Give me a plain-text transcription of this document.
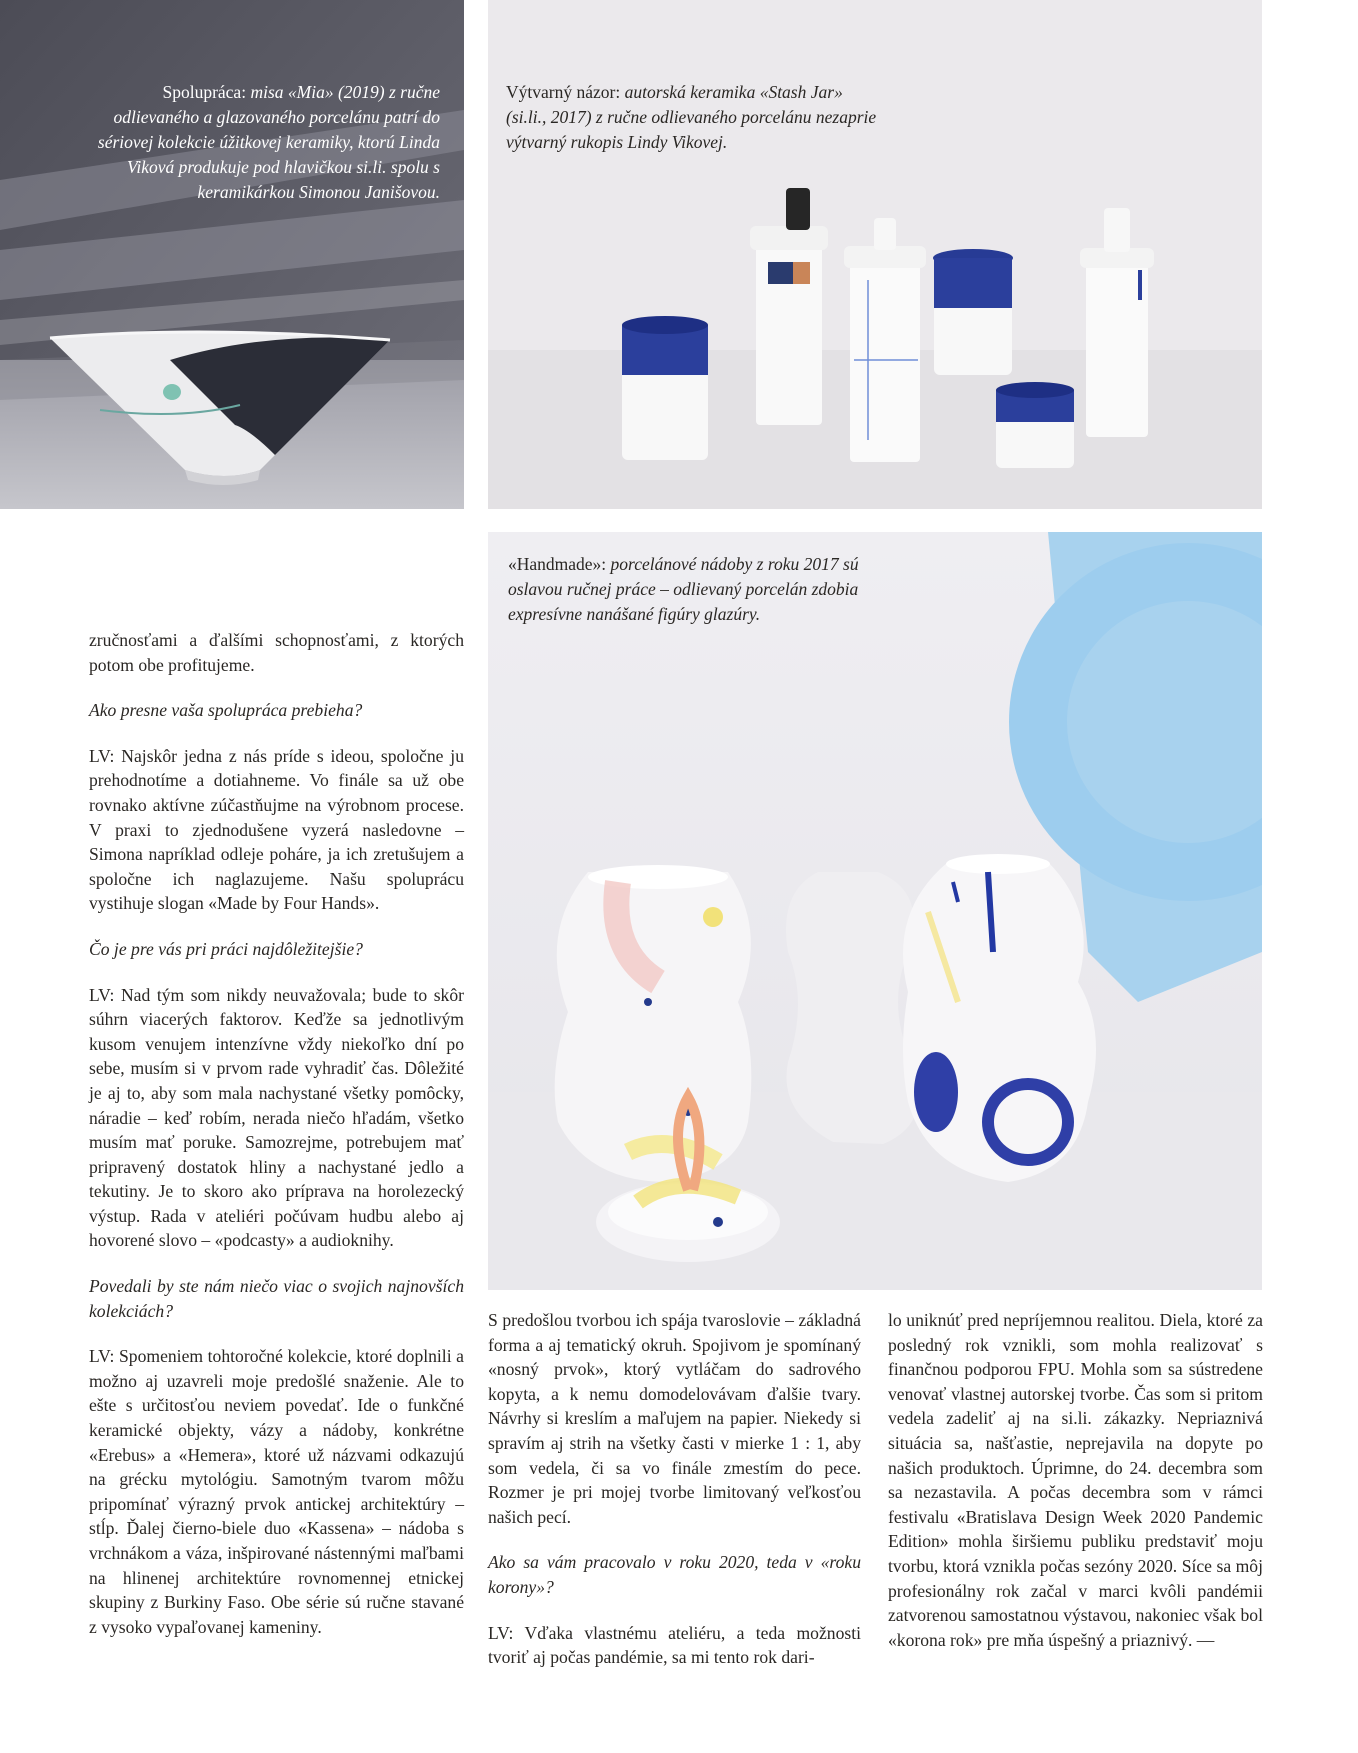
Spolupráca: misa «Mia» (2019) z ručne odlievaného a glazovaného porcelánu patrí do sériovej kolekcie úžitkovej keramiky, ktorú Linda Viková produkuje pod hlavičkou si.li. spolu s keramikárkou Simonou Janišovou.
Výtvarný názor: autorská keramika «Stash Jar» (si.li., 2017) z ručne odlievaného porcelánu nezaprie výtvarný rukopis Lindy Vikovej.
«Handmade»: porcelánové nádoby z roku 2017 sú oslavou ručnej práce – odlievaný porcelán zdobia expresívne nanášané figúry glazúry.

zručnosťami a ďalšími schopnosťami, z ktorých potom obe profitujeme.

Ako presne vaša spolupráca prebieha?

LV: Najskôr jedna z nás príde s ideou, spoločne ju prehodnotíme a dotiahneme. Vo finále sa už obe rovnako aktívne zúčastňujme na výrobnom procese. V praxi to zjednodušene vyzerá nasledovne – Simona napríklad odleje poháre, ja ich zretušujem a spoločne ich naglazujeme. Našu spoluprácu vystihuje slogan «Made by Four Hands».

Čo je pre vás pri práci najdôležitejšie?

LV: Nad tým som nikdy neuvažovala; bude to skôr súhrn viacerých faktorov. Keďže sa jednotlivým kusom venujem intenzívne vždy niekoľko dní po sebe, musím si v prvom rade vyhradiť čas. Dôležité je aj to, aby som mala nachystané všetky pomôcky, náradie – keď robím, nerada niečo hľadám, všetko musím mať poruke. Samozrejme, potrebujem mať pripravený dostatok hliny a nachystané jedlo a tekutiny. Je to skoro ako príprava na horolezecký výstup. Rada v ateliéri počúvam hudbu alebo aj hovorené slovo – «podcasty» a audioknihy.

Povedali by ste nám niečo viac o svojich najnovších kolekciách?

LV: Spomeniem tohtoročné kolekcie, ktoré doplnili a možno aj uzavreli moje predošlé snaženie. Ale to ešte s určitosťou neviem povedať. Ide o funkčné keramické objekty, vázy a nádoby, konkrétne «Erebus» a «Hemera», ktoré už názvami odkazujú na grécku mytológiu. Samotným tvarom môžu pripomínať výrazný prvok antickej architektúry – stĺp. Ďalej čierno-biele duo «Kassena» – nádoba s vrchnákom a váza, inšpirované nástennými maľbami na hlinenej architektúre rovnomennej etnickej skupiny z Burkiny Faso. Obe série sú ručne stavané z vysoko vypaľovanej kameniny.

S predošlou tvorbou ich spája tvaroslovie – základná forma a aj tematický okruh. Spojivom je spomínaný «nosný prvok», ktorý vytláčam do sadrového kopyta, a k nemu domodelovávam ďalšie tvary. Návrhy si kreslím a maľujem na papier. Niekedy si spravím aj strih na všetky časti v mierke 1 : 1, aby som vedela, či sa vo finále zmestím do pece. Rozmer je pri mojej tvorbe limitovaný veľkosťou našich pecí.

Ako sa vám pracovalo v roku 2020, teda v «roku korony»?

LV: Vďaka vlastnému ateliéru, a teda možnosti tvoriť aj počas pandémie, sa mi tento rok dari-

lo uniknúť pred nepríjemnou realitou. Diela, ktoré za posledný rok vznikli, som mohla realizovať s finančnou podporou FPU. Mohla som sa sústredene venovať vlastnej autorskej tvorbe. Čas som si pritom vedela zadeliť aj na si.li. zákazky. Nepriaznivá situácia sa, našťastie, neprejavila na dopyte po našich produktoch. Úprimne, do 24. decembra som sa nezastavila. A počas decembra som v rámci festivalu «Bratislava Design Week 2020 Pandemic Edition» mohla širšiemu publiku predstaviť moju tvorbu, ktorá vznikla počas sezóny 2020. Síce sa môj profesionálny rok začal v marci kvôli pandémii zatvorenou samostatnou výstavou, nakoniec však bol «korona rok» pre mňa úspešný a priaznivý. —
